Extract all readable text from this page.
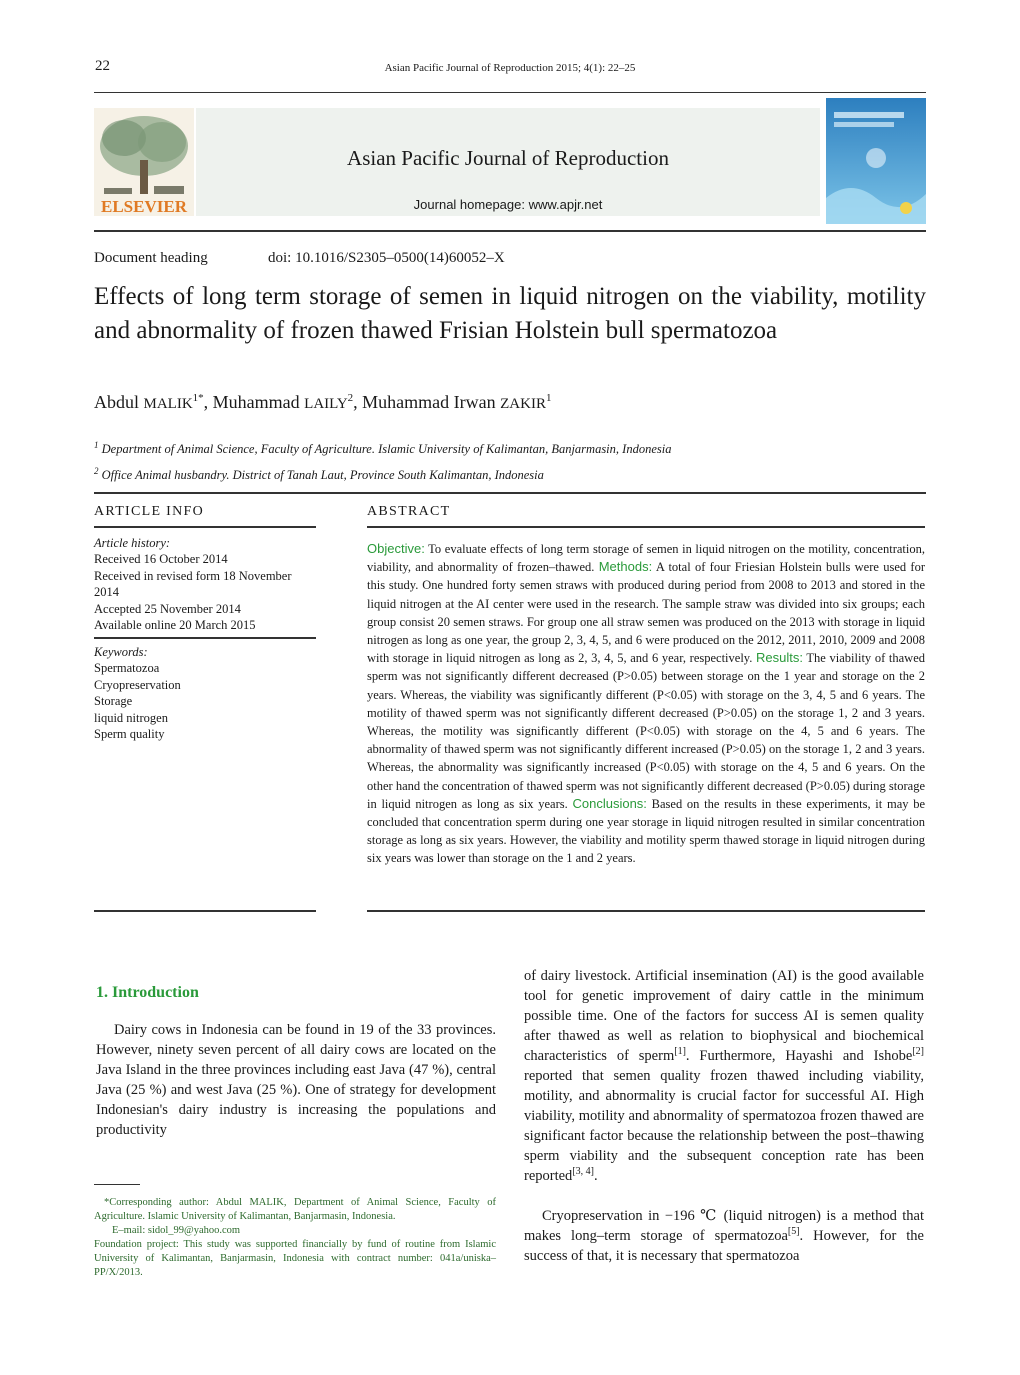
22	Asian Pacific Journal of Reproduction 2015; 4(1): 22–25
ELSEVIER
Asian Pacific Journal of Reproduction
Journal homepage: www.apjr.net
Document heading	doi: 10.1016/S2305–0500(14)60052–X
Effects of long term storage of semen in liquid nitrogen on the viability, motility and abnormality of frozen thawed Frisian Holstein bull spermatozoa
Abdul $MALIK^{1*}$, Muhammad LAILY$^2$, Muhammad Irwan ZAKIR$^1$
$^1$ Department of Animal Science, Faculty of Agriculture. Islamic University of Kalimantan, Banjarmasin, Indonesia
$^2$ Office Animal husbandry. District of Tanah Laut, Province South Kalimantan, Indonesia
ARTICLE INFO
Article history:
Received 16 October 2014
Received in revised form 18 November 2014
Accepted 25 November 2014
Available online 20 March 2015
Keywords:
Spermatozoa
Cryopreservation
Storage
liquid nitrogen
Sperm quality
ABSTRACT
Objective: To evaluate effects of long term storage of semen in liquid nitrogen on the motility, concentration, viability, and abnormality of frozen–thawed. Methods: A total of four Friesian Holstein bulls were used for this study. One hundred forty semen straws with produced during period from 2008 to 2013 and stored in the liquid nitrogen at the AI center were used in the research. The sample straw was divided into six groups; each group consist 20 semen straws. For group one all straw semen was produced on the 2013 with storage in liquid nitrogen as long as one year, the group 2, 3, 4, 5, and 6 were produced on the 2012, 2011, 2010, 2009 and 2008 with storage in liquid nitrogen as long as 2, 3, 4, 5, and 6 year, respectively. Results: The viability of thawed sperm was not significantly different decreased (P>0.05) between storage on the 1 year and storage on the 2 years. Whereas, the viability was significantly different (P<0.05) with storage on the 3, 4, 5 and 6 years. The motility of thawed sperm was not significantly different decreased (P>0.05) on the storage 1, 2 and 3 years. Whereas, the motility was significantly different (P<0.05) with storage on the 4, 5 and 6 years. The abnormality of thawed sperm was not significantly different increased (P>0.05) on the storage 1, 2 and 3 years. Whereas, the abnormality was significantly increased (P<0.05) with storage on the 4, 5 and 6 years. On the other hand the concentration of thawed sperm was not significantly different decreased (P>0.05) during storage in liquid nitrogen as long as six years. Conclusions: Based on the results in these experiments, it may be concluded that concentration sperm during one year storage in liquid nitrogen resulted in similar concentration storage as long as six years. However, the viability and motility sperm thawed storage in liquid nitrogen during six years was lower than storage on the 1 and 2 years.
1. Introduction
Dairy cows in Indonesia can be found in 19 of the 33 provinces. However, ninety seven percent of all dairy cows are located on the Java Island in the three provinces including east Java (47 %), central Java (25 %) and west Java (25 %). One of strategy for development Indonesian's dairy industry is increasing the populations and productivity
of dairy livestock. Artificial insemination (AI) is the good available tool for genetic improvement of dairy cattle in the minimum possible time. One of the factors for success AI is semen quality after thawed as well as relation to biophysical and biochemical characteristics of sperm[1]. Furthermore, Hayashi and Ishobe[2] reported that semen quality frozen thawed including viability, motility, and abnormality is crucial factor for successful AI. High viability, motility and abnormality of spermatozoa frozen thawed are significant factor because the relationship between the post–thawing sperm viability and the subsequent conception rate has been reported[3, 4].
Cryopreservation in −196 ℃ (liquid nitrogen) is a method that makes long–term storage of spermatozoa[5]. However, for the success of that, it is necessary that spermatozoa

*Corresponding author: Abdul MALIK, Department of Animal Science, Faculty of Agriculture. Islamic University of Kalimantan, Banjarmasin, Indonesia.

E–mail: sidol_99@yahoo.com

Foundation project: This study was supported financially by fund of routine from Islamic University of Kalimantan, Banjarmasin, Indonesia with contract number: 041a/uniska–PP/X/2013.
